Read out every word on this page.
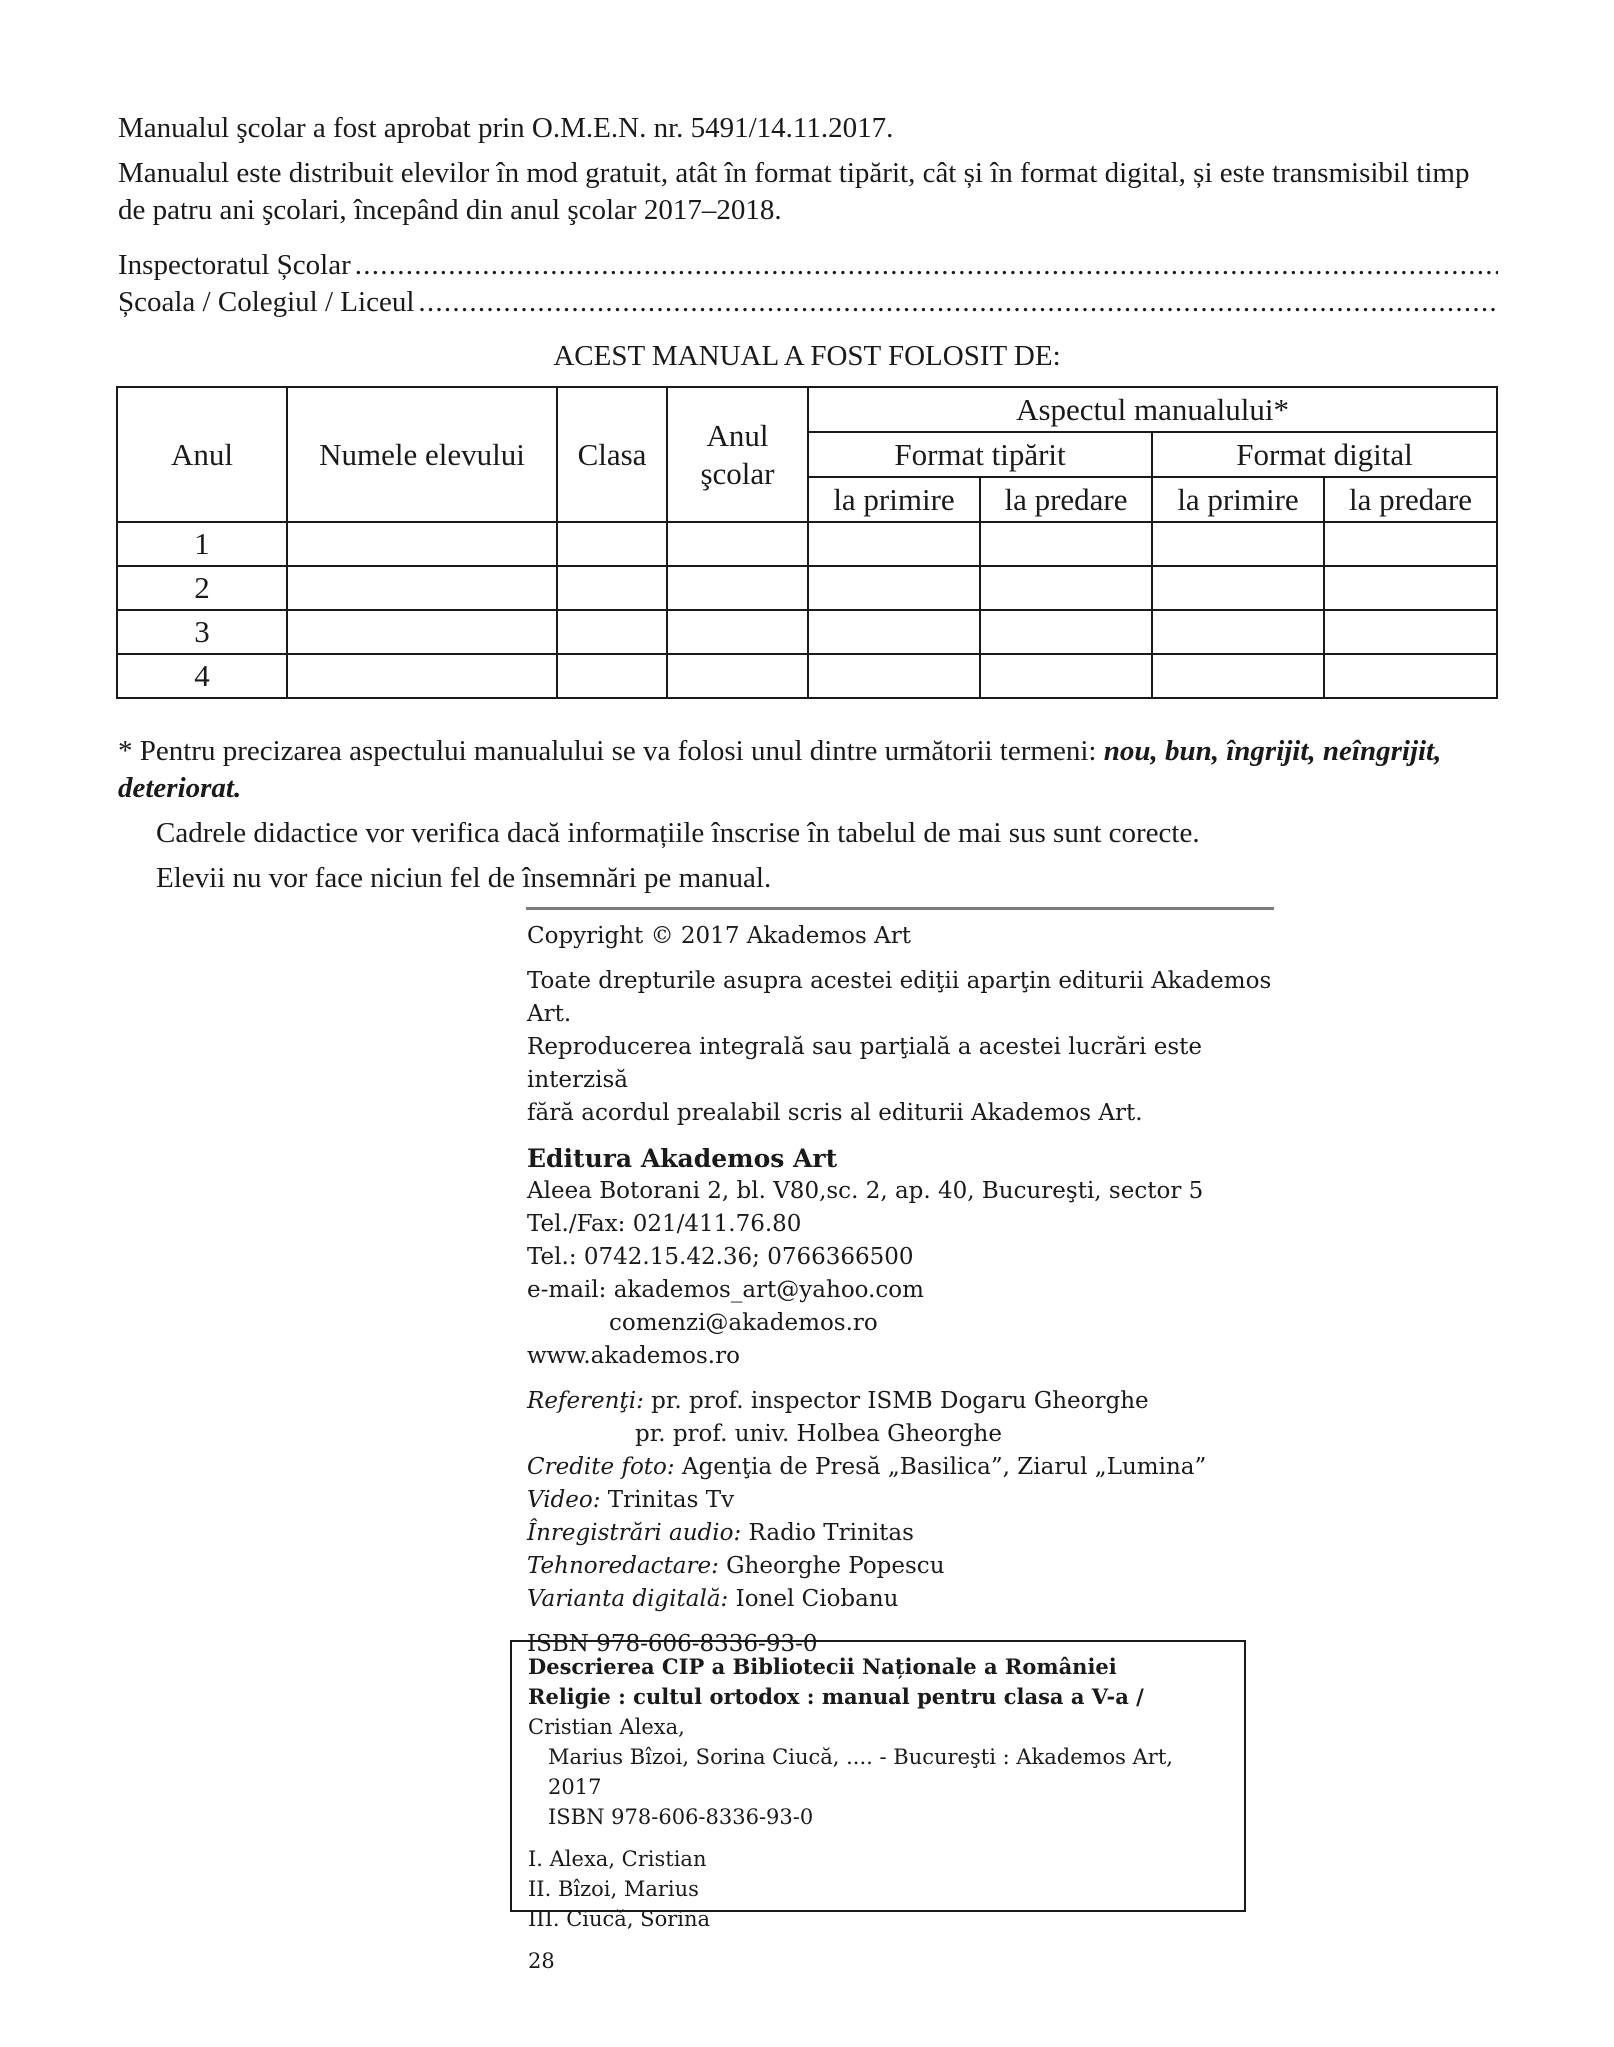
Manualul şcolar a fost aprobat prin O.M.E.N. nr. 5491/14.11.2017.

Manualul este distribuit elevilor în mod gratuit, atât în format tipărit, cât și în format digital, și este transmisibil timp de patru ani şcolari, începând din anul şcolar 2017–2018.

Inspectoratul Școlar
. . .
Școala / Colegiul / Liceul
. . .
ACEST MANUAL A FOST FOLOSIT DE:
Anul	Numele elevului	Clasa	Anul şcolar	Aspectul manualului*			
				Format tipărit		Format digital	
				la primire	la predare	la primire	la predare
1							
2							
3							
4							

* Pentru precizarea aspectului manualului se va folosi unul dintre următorii termeni: nou, bun, îngrijit, neîngrijit, deteriorat.

Cadrele didactice vor verifica dacă informațiile înscrise în tabelul de mai sus sunt corecte.

Elevii nu vor face niciun fel de însemnări pe manual.

Copyright © 2017 Akademos Art

Toate drepturile asupra acestei ediţii aparţin editurii Akademos Art.

Reproducerea integrală sau parţială a acestei lucrări este interzisă

fără acordul prealabil scris al editurii Akademos Art.

Editura Akademos Art

Aleea Botorani 2, bl. V80,sc. 2, ap. 40, Bucureşti, sector 5

Tel./Fax: 021/411.76.80

Tel.: 0742.15.42.36; 0766366500

e-mail: akademos_art@yahoo.com

comenzi@akademos.ro

www.akademos.ro

Referenţi: pr. prof. inspector ISMB Dogaru Gheorghe

pr. prof. univ. Holbea Gheorghe

Credite foto: Agenţia de Presă „Basilica”, Ziarul „Lumina”

Video: Trinitas Tv

Înregistrări audio: Radio Trinitas

Tehnoredactare: Gheorghe Popescu

Varianta digitală: Ionel Ciobanu

ISBN 978-606-8336-93-0

Descrierea CIP a Bibliotecii Naționale a României

Religie : cultul ortodox : manual pentru clasa a V-a / Cristian Alexa,

Marius Bîzoi, Sorina Ciucă, .... - Bucureşti : Akademos Art, 2017

ISBN 978-606-8336-93-0

I. Alexa, Cristian

II. Bîzoi, Marius

III. Ciucă, Sorina

28
